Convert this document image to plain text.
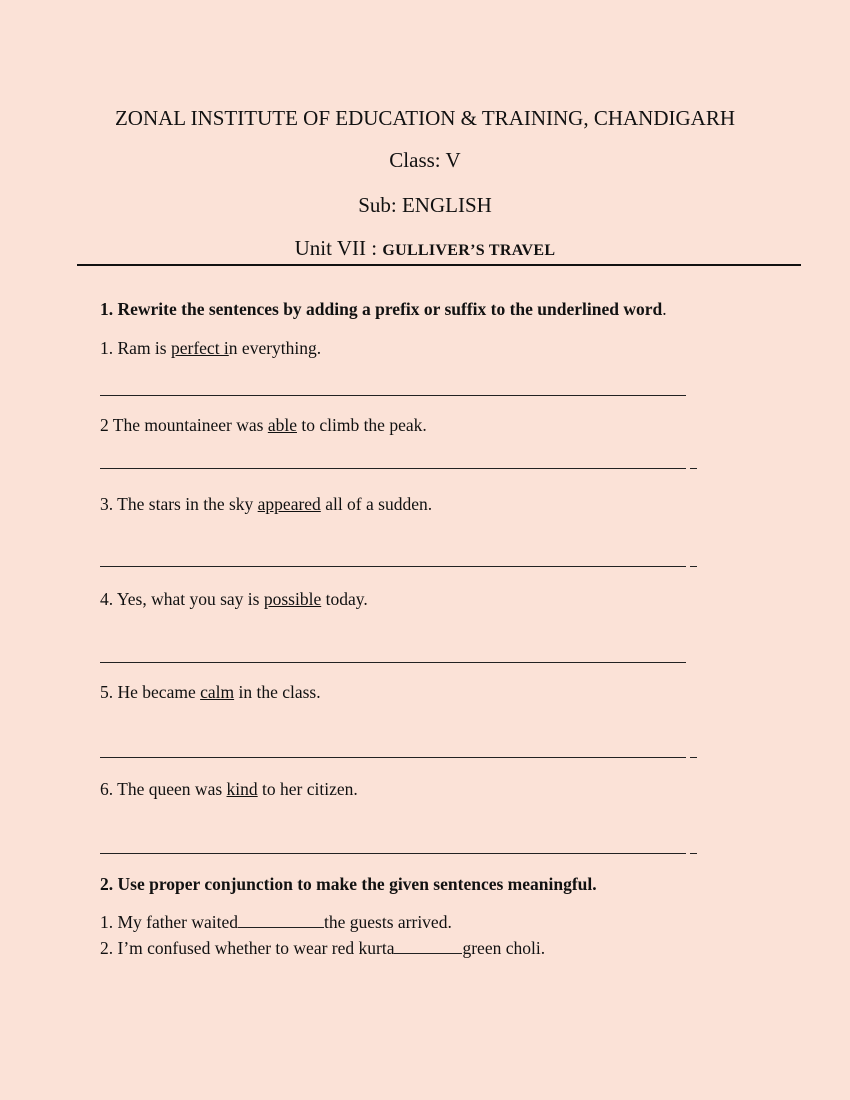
ZONAL INSTITUTE OF EDUCATION & TRAINING, CHANDIGARH
Class: V
Sub: ENGLISH
Unit VII : GULLIVER’S TRAVEL
1. Rewrite the sentences by adding a prefix or suffix to the underlined word.
1. Ram is perfect in everything.
2 The mountaineer was able to climb the peak.
3. The stars in the sky appeared all of a sudden.
4. Yes, what you say is possible today.
5. He became calm in the class.
6. The queen was kind to her citizen.
2. Use proper conjunction to make the given sentences meaningful.
1. My father waited	the guests arrived.
2. I’m confused whether to wear red kurta	green choli.
